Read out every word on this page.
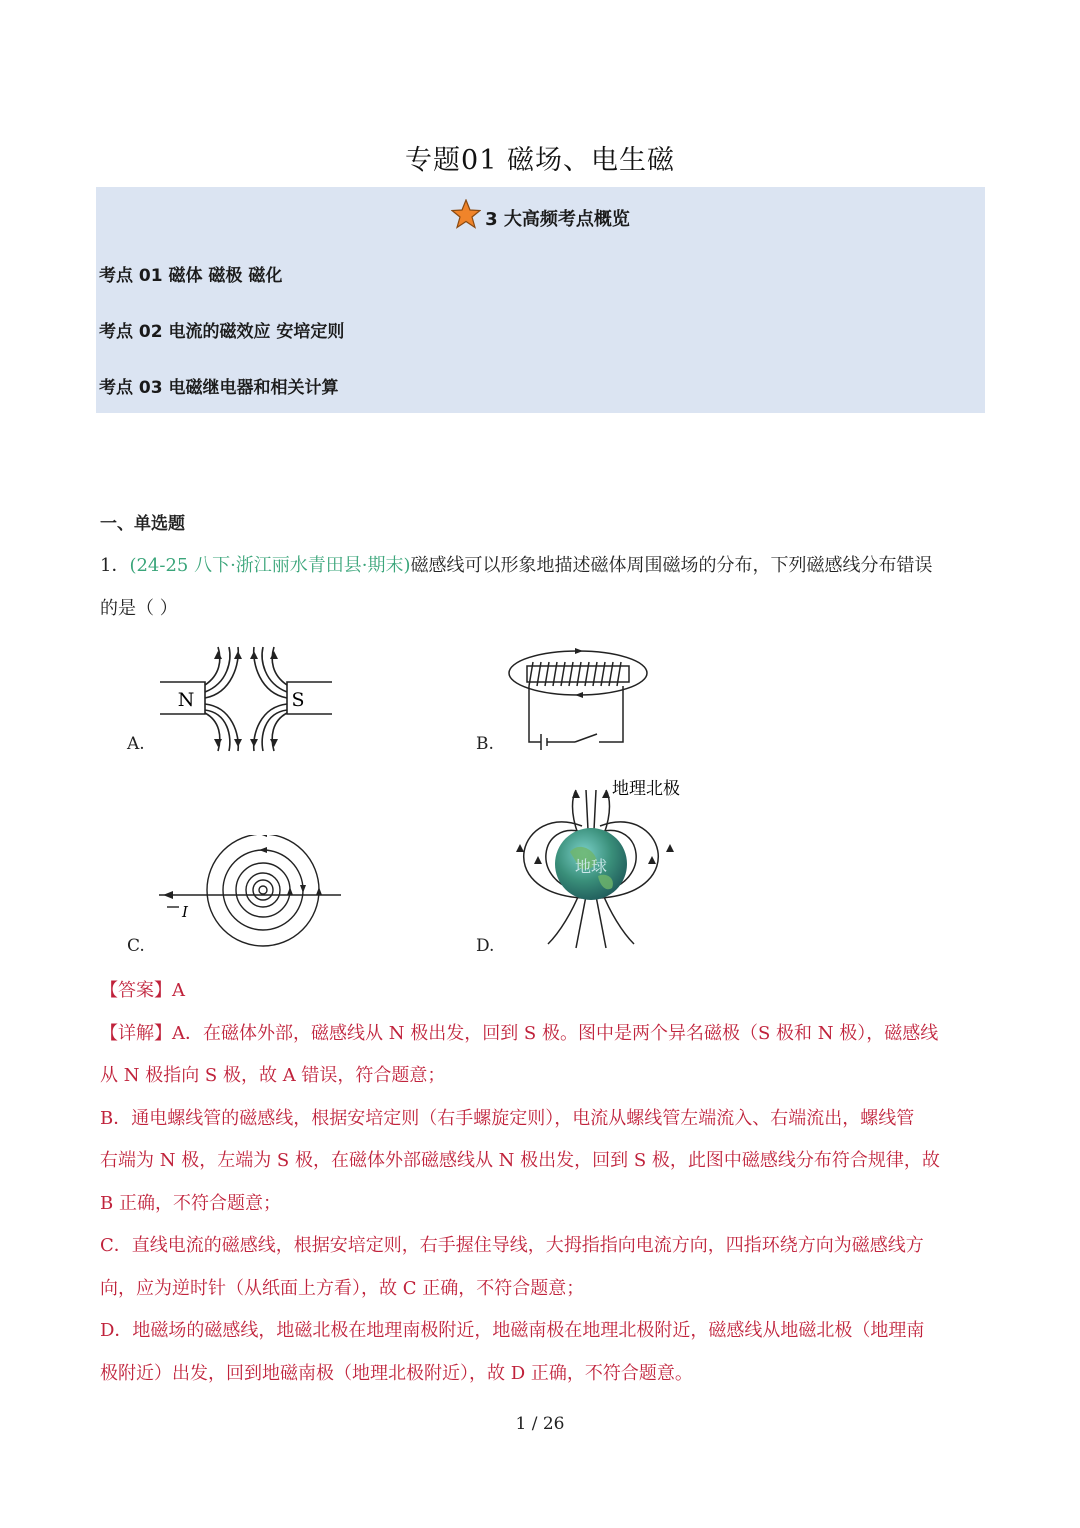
专题01 磁场、电生磁
3 大高频考点概览
考点 01 磁体 磁极 磁化
考点 02 电流的磁效应 安培定则
考点 03 电磁继电器和相关计算
一、单选题
1．(24-25 八下·浙江丽水青田县·期末)磁感线可以形象地描述磁体周围磁场的分布，下列磁感线分布错误
的是（ ）
N	S
A.	B.
I
C.
地理北极
地球
D.
【答案】A
【详解】A．在磁体外部，磁感线从 N 极出发，回到 S 极。图中是两个异名磁极（S 极和 N 极），磁感线
从 N 极指向 S 极，故 A 错误，符合题意；
B．通电螺线管的磁感线，根据安培定则（右手螺旋定则），电流从螺线管左端流入、右端流出，螺线管
右端为 N 极，左端为 S 极，在磁体外部磁感线从 N 极出发，回到 S 极，此图中磁感线分布符合规律，故
B 正确，不符合题意；
C．直线电流的磁感线，根据安培定则，右手握住导线，大拇指指向电流方向，四指环绕方向为磁感线方
向，应为逆时针（从纸面上方看），故 C 正确，不符合题意；
D．地磁场的磁感线，地磁北极在地理南极附近，地磁南极在地理北极附近，磁感线从地磁北极（地理南
极附近）出发，回到地磁南极（地理北极附近），故 D 正确，不符合题意。
1 / 26
